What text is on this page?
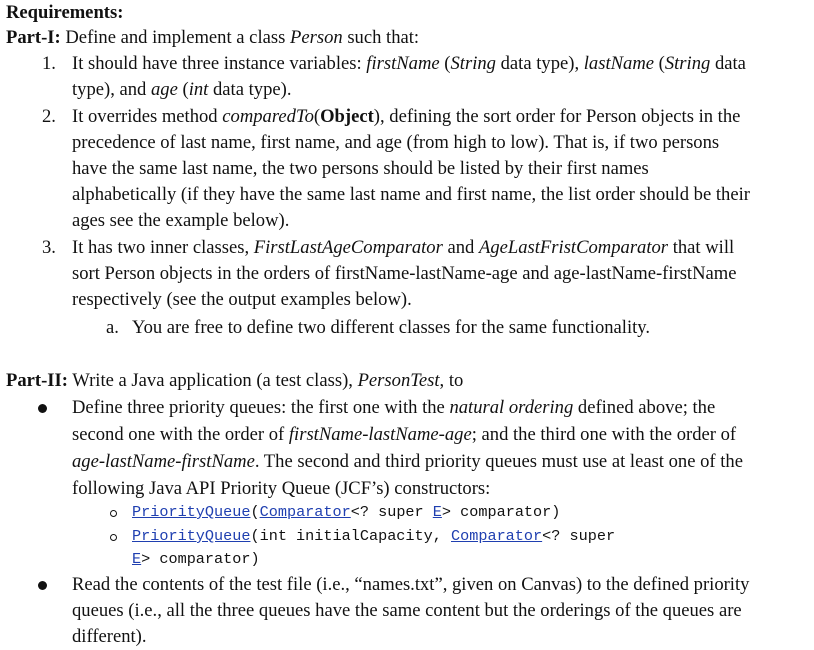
Requirements:
Part-I: Define and implement a class Person such that:
1. It should have three instance variables: firstName (String data type), lastName (String data
type), and age (int data type).
2. It overrides method comparedTo(Object), defining the sort order for Person objects in the
precedence of last name, first name, and age (from high to low). That is, if two persons
have the same last name, the two persons should be listed by their first names
alphabetically (if they have the same last name and first name, the list order should be their
ages see the example below).
3. It has two inner classes, FirstLastAgeComparator and AgeLastFristComparator that will
sort Person objects in the orders of firstName-lastName-age and age-lastName-firstName
respectively (see the output examples below).
a. You are free to define two different classes for the same functionality.
Part-II: Write a Java application (a test class), PersonTest, to
Define three priority queues: the first one with the natural ordering defined above; the
second one with the order of firstName-lastName-age; and the third one with the order of
age-lastName-firstName. The second and third priority queues must use at least one of the
following Java API Priority Queue (JCF’s) constructors:
PriorityQueue(Comparator<? super E> comparator)
PriorityQueue(int initialCapacity, Comparator<? super
E> comparator)
Read the contents of the test file (i.e., “names.txt”, given on Canvas) to the defined priority
queues (i.e., all the three queues have the same content but the orderings of the queues are
different).
